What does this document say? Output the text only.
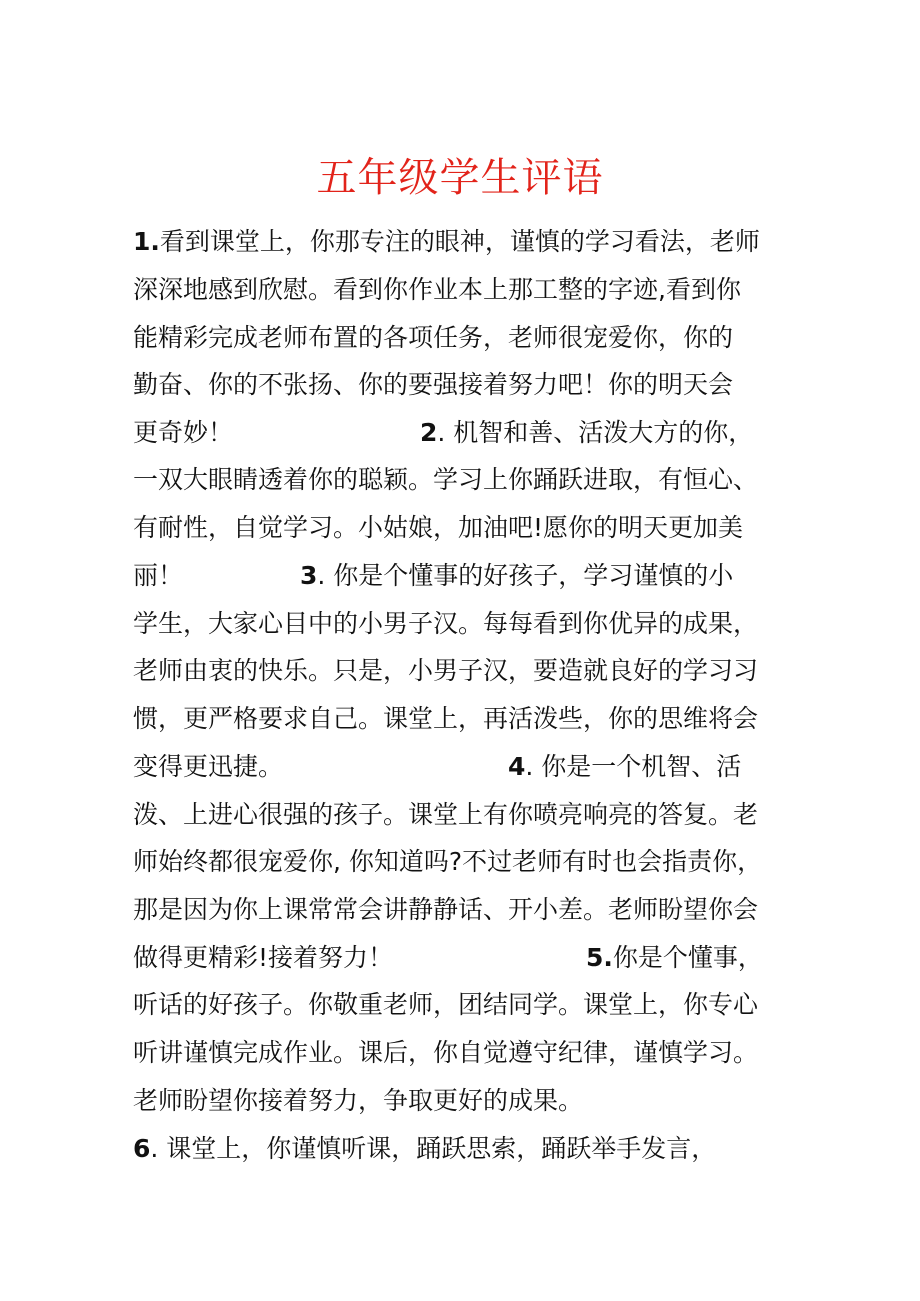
五年级学生评语
1.看到课堂上，你那专注的眼神，谨慎的学习看法，老师
深深地感到欣慰。看到你作业本上那工整的字迹,看到你
能精彩完成老师布置的各项任务，老师很宠爱你，你的
勤奋、你的不张扬、你的要强接着努力吧！你的明天会
更奇妙！	2. 机智和善、活泼大方的你，
一双大眼睛透着你的聪颖。学习上你踊跃进取，有恒心、
有耐性，自觉学习。小姑娘，加油吧!愿你的明天更加美
丽！	3. 你是个懂事的好孩子，学习谨慎的小
学生，大家心目中的小男子汉。每每看到你优异的成果，
老师由衷的快乐。只是，小男子汉，要造就良好的学习习
惯，更严格要求自己。课堂上，再活泼些，你的思维将会
变得更迅捷。	4. 你是一个机智、活
泼、上进心很强的孩子。课堂上有你喷亮响亮的答复。老
师始终都很宠爱你, 你知道吗?不过老师有时也会指责你，
那是因为你上课常常会讲静静话、开小差。老师盼望你会
做得更精彩!接着努力！	5.你是个懂事，
听话的好孩子。你敬重老师，团结同学。课堂上，你专心
听讲谨慎完成作业。课后，你自觉遵守纪律，谨慎学习。
老师盼望你接着努力，争取更好的成果。
6. 课堂上，你谨慎听课，踊跃思索，踊跃举手发言，
